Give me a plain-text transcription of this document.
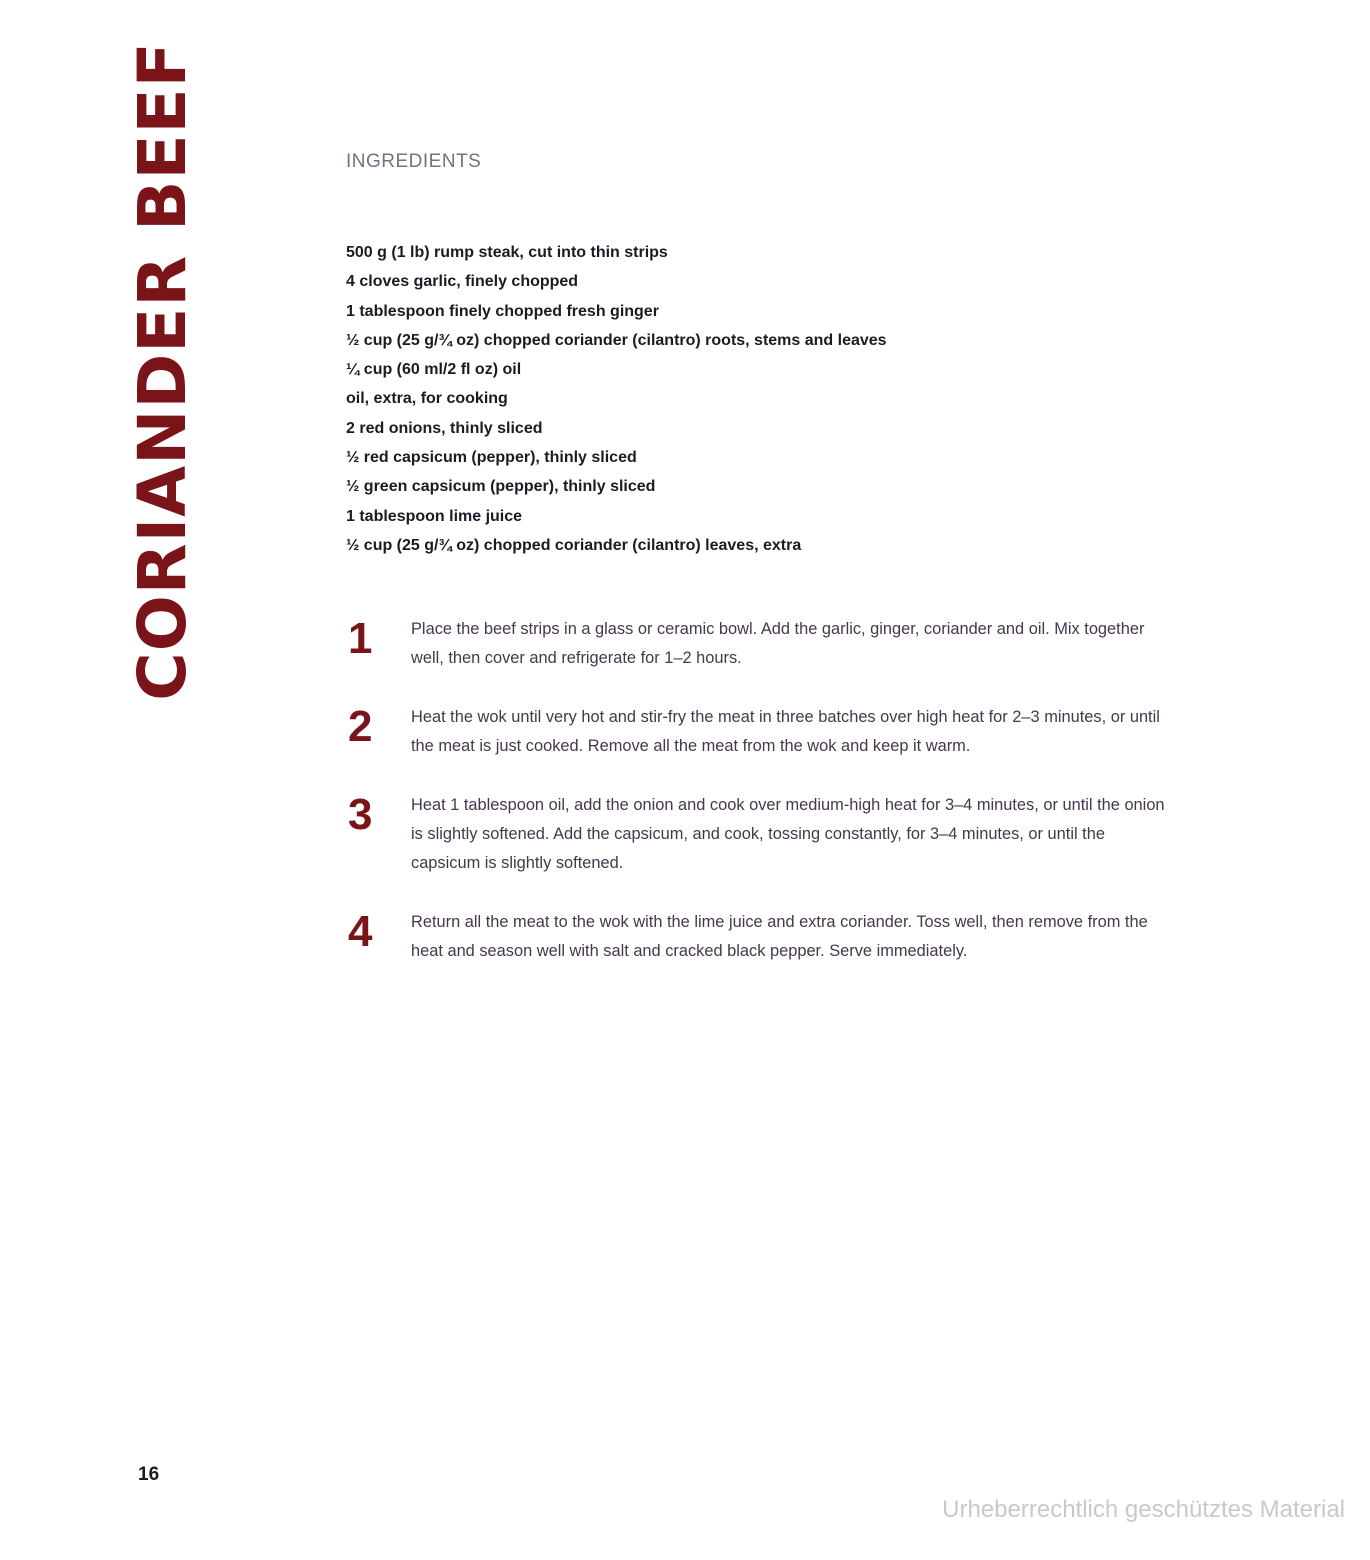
CORIANDER BEEF	INGREDIENTS
500 g (1 lb) rump steak, cut into thin strips
4 cloves garlic, finely chopped
1 tablespoon finely chopped fresh ginger
½ cup (25 g/¾ oz) chopped coriander (cilantro) roots, stems and leaves
¼ cup (60 ml/2 fl oz) oil
oil, extra, for cooking
2 red onions, thinly sliced
½ red capsicum (pepper), thinly sliced
½ green capsicum (pepper), thinly sliced
1 tablespoon lime juice
½ cup (25 g/¾ oz) chopped coriander (cilantro) leaves, extra
1 Place the beef strips in a glass or ceramic bowl. Add the garlic, ginger, coriander and oil. Mix together well, then cover and refrigerate for 1–2 hours.

2 Heat the wok until very hot and stir-fry the meat in three batches over high heat for 2–3 minutes, or until the meat is just cooked. Remove all the meat from the wok and keep it warm.

3 Heat 1 tablespoon oil, add the onion and cook over medium-high heat for 3–4 minutes, or until the onion is slightly softened. Add the capsicum, and cook, tossing constantly, for 3–4 minutes, or until the capsicum is slightly softened.

4 Return all the meat to the wok with the lime juice and extra coriander. Toss well, then remove from the heat and season well with salt and cracked black pepper. Serve immediately.

16
Urheberrechtlich geschütztes Material
